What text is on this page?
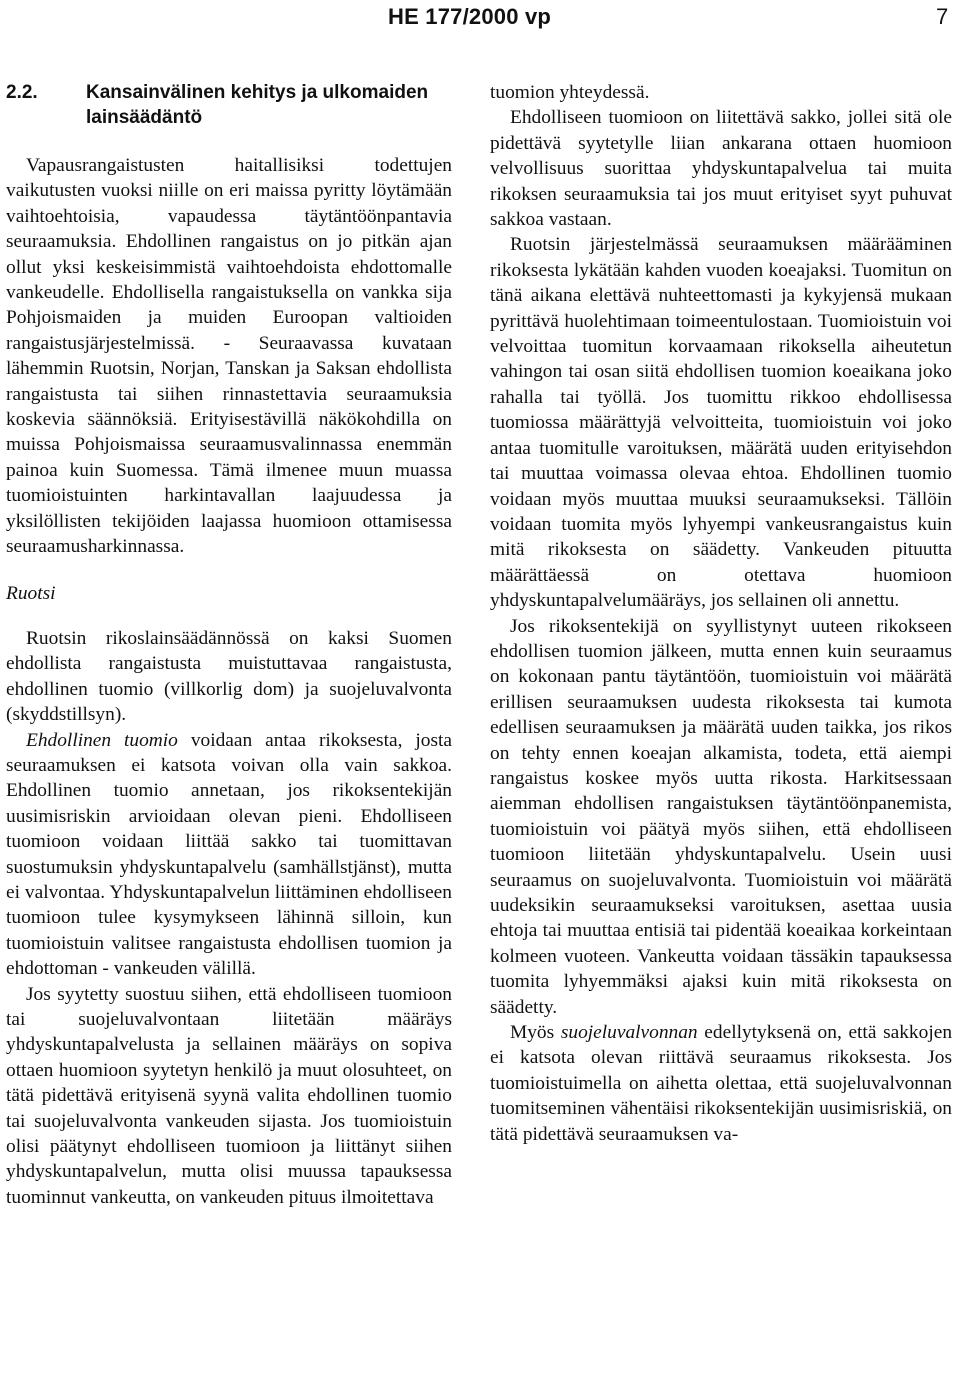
HE 177/2000 vp	7
2.2.	Kansainvälinen kehitys ja ulkomaiden lainsäädäntö

Vapausrangaistusten haitallisiksi todettujen vaikutusten vuoksi niille on eri maissa pyritty löytämään vaihtoehtoisia, vapaudessa täytäntöönpantavia seuraamuksia. Ehdollinen rangaistus on jo pitkän ajan ollut yksi keskeisimmistä vaihtoehdoista ehdottomalle vankeudelle. Ehdollisella rangaistuksella on vankka sija Pohjoismaiden ja muiden Euroopan valtioiden rangaistusjärjestelmissä. - Seuraavassa kuvataan lähemmin Ruotsin, Norjan, Tanskan ja Saksan ehdollista rangaistusta tai siihen rinnastettavia seuraamuksia koskevia säännöksiä. Erityisestävillä näkökohdilla on muissa Pohjoismaissa seuraamusvalinnassa enemmän painoa kuin Suomessa. Tämä ilmenee muun muassa tuomioistuinten harkintavallan laajuudessa ja yksilöllisten tekijöiden laajassa huomioon ottamisessa seuraamusharkinnassa.

Ruotsi

Ruotsin rikoslainsäädännössä on kaksi Suomen ehdollista rangaistusta muistuttavaa rangaistusta, ehdollinen tuomio (villkorlig dom) ja suojeluvalvonta (skyddstillsyn).

Ehdollinen tuomio voidaan antaa rikoksesta, josta seuraamuksen ei katsota voivan olla vain sakkoa. Ehdollinen tuomio annetaan, jos rikoksentekijän uusimisriskin arvioidaan olevan pieni. Ehdolliseen tuomioon voidaan liittää sakko tai tuomittavan suostumuksin yhdyskuntapalvelu (samhällstjänst), mutta ei valvontaa. Yhdyskuntapalvelun liittäminen ehdolliseen tuomioon tulee kysymykseen lähinnä silloin, kun tuomioistuin valitsee rangaistusta ehdollisen tuomion ja ehdottoman - vankeuden välillä.

Jos syytetty suostuu siihen, että ehdolliseen tuomioon tai suojeluvalvontaan liitetään määräys yhdyskuntapalvelusta ja sellainen määräys on sopiva ottaen huomioon syytetyn henkilö ja muut olosuhteet, on tätä pidettävä erityisenä syynä valita ehdollinen tuomio tai suojeluvalvonta vankeuden sijasta. Jos tuomioistuin olisi päätynyt ehdolliseen tuomioon ja liittänyt siihen yhdyskuntapalvelun, mutta olisi muussa tapauksessa tuominnut vankeutta, on vankeuden pituus ilmoitettava

tuomion yhteydessä.

Ehdolliseen tuomioon on liitettävä sakko, jollei sitä ole pidettävä syytetylle liian ankarana ottaen huomioon velvollisuus suorittaa yhdyskuntapalvelua tai muita rikoksen seuraamuksia tai jos muut erityiset syyt puhuvat sakkoa vastaan.

Ruotsin järjestelmässä seuraamuksen määrääminen rikoksesta lykätään kahden vuoden koeajaksi. Tuomitun on tänä aikana elettävä nuhteettomasti ja kykyjensä mukaan pyrittävä huolehtimaan toimeentulostaan. Tuomioistuin voi velvoittaa tuomitun korvaamaan rikoksella aiheutetun vahingon tai osan siitä ehdollisen tuomion koeaikana joko rahalla tai työllä. Jos tuomittu rikkoo ehdollisessa tuomiossa määrättyjä velvoitteita, tuomioistuin voi joko antaa tuomitulle varoituksen, määrätä uuden erityisehdon tai muuttaa voimassa olevaa ehtoa. Ehdollinen tuomio voidaan myös muuttaa muuksi seuraamukseksi. Tällöin voidaan tuomita myös lyhyempi vankeusrangaistus kuin mitä rikoksesta on säädetty. Vankeuden pituutta määrättäessä on otettava huomioon yhdyskuntapalvelumääräys, jos sellainen oli annettu.

Jos rikoksentekijä on syyllistynyt uuteen rikokseen ehdollisen tuomion jälkeen, mutta ennen kuin seuraamus on kokonaan pantu täytäntöön, tuomioistuin voi määrätä erillisen seuraamuksen uudesta rikoksesta tai kumota edellisen seuraamuksen ja määrätä uuden taikka, jos rikos on tehty ennen koeajan alkamista, todeta, että aiempi rangaistus koskee myös uutta rikosta. Harkitsessaan aiemman ehdollisen rangaistuksen täytäntöönpanemista, tuomioistuin voi päätyä myös siihen, että ehdolliseen tuomioon liitetään yhdyskuntapalvelu. Usein uusi seuraamus on suojeluvalvonta. Tuomioistuin voi määrätä uudeksikin seuraamukseksi varoituksen, asettaa uusia ehtoja tai muuttaa entisiä tai pidentää koeaikaa korkeintaan kolmeen vuoteen. Vankeutta voidaan tässäkin tapauksessa tuomita lyhyemmäksi ajaksi kuin mitä rikoksesta on säädetty.

Myös suojeluvalvonnan edellytyksenä on, että sakkojen ei katsota olevan riittävä seuraamus rikoksesta. Jos tuomioistuimella on aihetta olettaa, että suojeluvalvonnan tuomitseminen vähentäisi rikoksentekijän uusimisriskiä, on tätä pidettävä seuraamuksen va-
